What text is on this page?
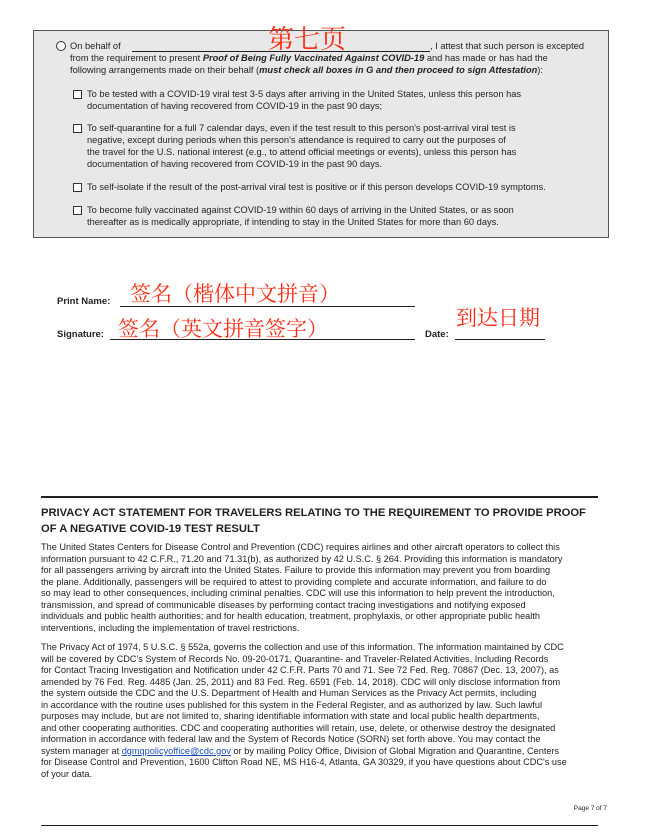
On behalf of	, I attest that such person is excepted
from the requirement to present Proof of Being Fully Vaccinated Against COVID-19 and has made or has had the
following arrangements made on their behalf (must check all boxes in G and then proceed to sign Attestation):
To be tested with a COVID-19 viral test 3-5 days after arriving in the United States, unless this person has
documentation of having recovered from COVID-19 in the past 90 days;
To self-quarantine for a full 7 calendar days, even if the test result to this person's post-arrival viral test is
negative, except during periods when this person's attendance is required to carry out the purposes of
the travel for the U.S. national interest (e.g., to attend official meetings or events), unless this person has
documentation of having recovered from COVID-19 in the past 90 days.
To self-isolate if the result of the post-arrival viral test is positive or if this person develops COVID-19 symptoms.
To become fully vaccinated against COVID-19 within 60 days of arriving in the United States, or as soon
thereafter as is medically appropriate, if intending to stay in the United States for more than 60 days.
第七页
Print Name: 签名（楷体中文拼音）
Signature: 签名（英文拼音签字）	Date:
到达日期
PRIVACY ACT STATEMENT FOR TRAVELERS RELATING TO THE REQUIREMENT TO PROVIDE PROOF
OF A NEGATIVE COVID-19 TEST RESULT
The United States Centers for Disease Control and Prevention (CDC) requires airlines and other aircraft operators to collect this
information pursuant to 42 C.F.R., 71.20 and 71.31(b), as authorized by 42 U.S.C. § 264. Providing this information is mandatory
for all passengers arriving by aircraft into the United States. Failure to provide this information may prevent you from boarding
the plane. Additionally, passengers will be required to attest to providing complete and accurate information, and failure to do
so may lead to other consequences, including criminal penalties. CDC will use this information to help prevent the introduction,
transmission, and spread of communicable diseases by performing contact tracing investigations and notifying exposed
individuals and public health authorities; and for health education, treatment, prophylaxis, or other appropriate public health
interventions, including the implementation of travel restrictions.
The Privacy Act of 1974, 5 U.S.C. § 552a, governs the collection and use of this information. The information maintained by CDC
will be covered by CDC's System of Records No. 09-20-0171, Quarantine- and Traveler-Related Activities, Including Records
for Contact Tracing Investigation and Notification under 42 C.F.R. Parts 70 and 71. See 72 Fed. Reg. 70867 (Dec. 13, 2007), as
amended by 76 Fed. Reg. 4485 (Jan. 25, 2011) and 83 Fed. Reg. 6591 (Feb. 14, 2018). CDC will only disclose information from
the system outside the CDC and the U.S. Department of Health and Human Services as the Privacy Act permits, including
in accordance with the routine uses published for this system in the Federal Register, and as authorized by law. Such lawful
purposes may include, but are not limited to, sharing identifiable information with state and local public health departments,
and other cooperating authorities. CDC and cooperating authorities will retain, use, delete, or otherwise destroy the designated
information in accordance with federal law and the System of Records Notice (SORN) set forth above. You may contact the
system manager at dgmqpolicyoffice@cdc.gov or by mailing Policy Office, Division of Global Migration and Quarantine, Centers
for Disease Control and Prevention, 1600 Clifton Road NE, MS H16-4, Atlanta, GA 30329, if you have questions about CDC's use
of your data.
Page 7 of 7
